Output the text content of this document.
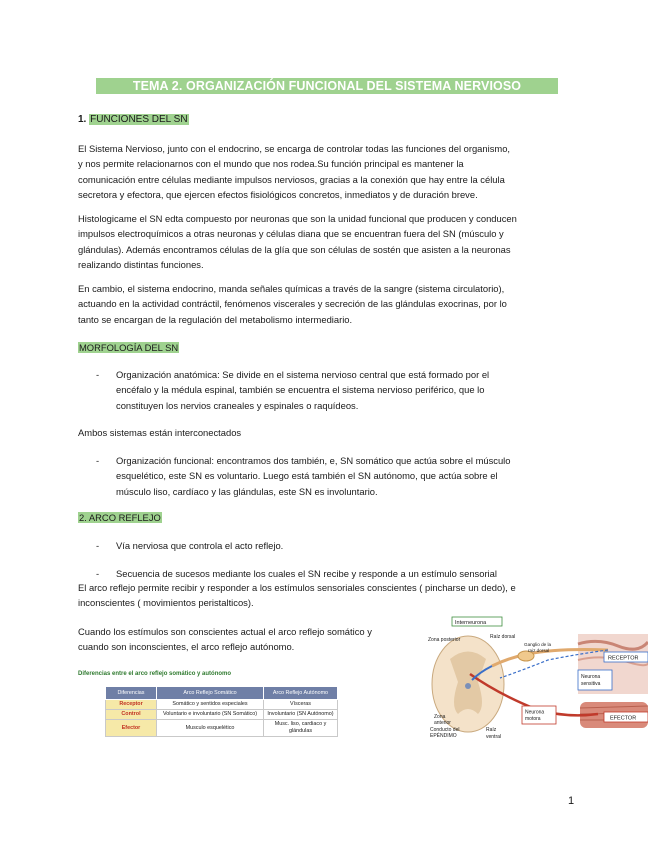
TEMA 2. ORGANIZACIÓN FUNCIONAL DEL SISTEMA NERVIOSO
1. FUNCIONES DEL SN
El Sistema Nervioso, junto con el endocrino, se encarga de controlar todas las funciones del organismo,
y nos permite relacionarnos con el mundo que nos rodea.Su función principal es mantener la
comunicación entre células mediante impulsos nerviosos, gracias a la conexión que hay entre la célula
secretora y efectora, que ejercen efectos fisiológicos concretos, inmediatos y de duración breve.
Histologicame el SN edta compuesto por neuronas que son la unidad funcional que producen y conducen
impulsos electroquímicos a otras neuronas y células diana que se encuentran fuera del SN (músculo y
glándulas). Además encontramos células de la glía que son células de sostén que asisten a la neuronas
realizando distintas funciones.
En cambio, el sistema endocrino, manda señales químicas a través de la sangre (sistema circulatorio),
actuando en la actividad contráctil, fenómenos viscerales y secreción de las glándulas exocrinas, por lo
tanto se encargan de la regulación del metabolismo intermediario.
MORFOLOGÍA DEL SN
- Organización anatómica: Se divide en el sistema nervioso central que está formado por el
encéfalo y la médula espinal, también se encuentra el sistema nervioso periférico, que lo
constituyen los nervios craneales y espinales o raquídeos.
Ambos sistemas están interconectados
- Organización funcional: encontramos dos también, e, SN somático que actúa sobre el músculo
esquelético, este SN es voluntario. Luego está también el SN autónomo, que actúa sobre el
músculo liso, cardíaco y las glándulas, este SN es involuntario.
2. ARCO REFLEJO
- Vía nerviosa que controla el acto reflejo.
- Secuencia de sucesos mediante los cuales el SN recibe y responde a un estímulo sensorial
El arco reflejo permite recibir y responder a los estímulos sensoriales conscientes ( pincharse un dedo), e
inconscientes ( movimientos peristalticos).
Cuando los estímulos son conscientes actual el arco reflejo somático y
cuando son inconscientes, el arco reflejo autónomo.
Diferencias entre el arco reflejo somático y autónomo
Diferencias	Arco Reflejo Somático	Arco Reflejo Autónomo
Receptor	Somático y sentidos especiales	Vísceras
Control	Voluntario e involuntario (SN Somático)	Involuntario (SN Autónomo)
Efector	Musculo esquelético	Musc. liso, cardiaco y glándulas
Interneurona
Zona posterior	Raíz dorsal
Ganglio de la
raiz dorsal
RECEPTOR
Neurona
sensitiva
Neurona
motora	EFECTOR
Zona
anterior
Conducto del
EPÉNDIMO
Raíz
ventral
1
